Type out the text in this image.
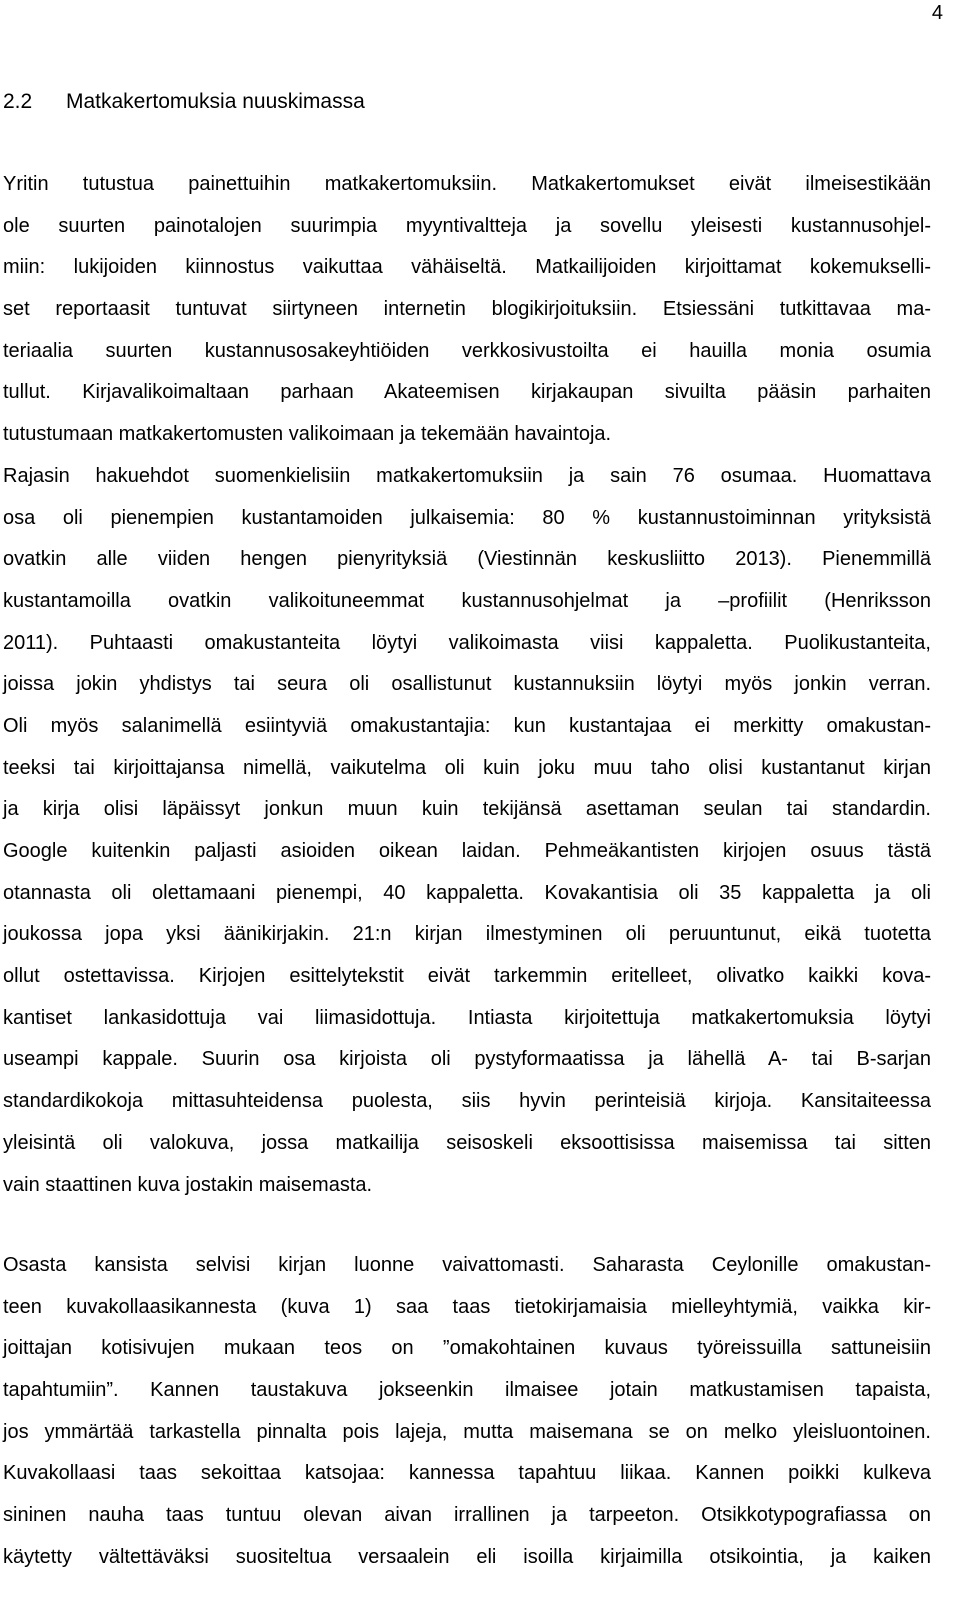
4
2.2 Matkakertomuksia nuuskimassa
Yritin tutustua painettuihin matkakertomuksiin. Matkakertomukset eivät ilmeisestikään
ole suurten painotalojen suurimpia myyntivaltteja ja sovellu yleisesti kustannusohjel-
miin: lukijoiden kiinnostus vaikuttaa vähäiseltä. Matkailijoiden kirjoittamat kokemukselli-
set reportaasit tuntuvat siirtyneen internetin blogikirjoituksiin. Etsiessäni tutkittavaa ma-
teriaalia suurten kustannusosakeyhtiöiden verkkosivustoilta ei hauilla monia osumia
tullut. Kirjavalikoimaltaan parhaan Akateemisen kirjakaupan sivuilta pääsin parhaiten
tutustumaan matkakertomusten valikoimaan ja tekemään havaintoja.
Rajasin hakuehdot suomenkielisiin matkakertomuksiin ja sain 76 osumaa. Huomattava
osa oli pienempien kustantamoiden julkaisemia: 80 % kustannustoiminnan yrityksistä
ovatkin alle viiden hengen pienyrityksiä (Viestinnän keskusliitto 2013). Pienemmillä
kustantamoilla ovatkin valikoituneemmat kustannusohjelmat ja –profiilit (Henriksson
2011). Puhtaasti omakustanteita löytyi valikoimasta viisi kappaletta. Puolikustanteita,
joissa jokin yhdistys tai seura oli osallistunut kustannuksiin löytyi myös jonkin verran.
Oli myös salanimellä esiintyviä omakustantajia: kun kustantajaa ei merkitty omakustan-
teeksi tai kirjoittajansa nimellä, vaikutelma oli kuin joku muu taho olisi kustantanut kirjan
ja kirja olisi läpäissyt jonkun muun kuin tekijänsä asettaman seulan tai standardin.
Google kuitenkin paljasti asioiden oikean laidan. Pehmeäkantisten kirjojen osuus tästä
otannasta oli olettamaani pienempi, 40 kappaletta. Kovakantisia oli 35 kappaletta ja oli
joukossa jopa yksi äänikirjakin. 21:n kirjan ilmestyminen oli peruuntunut, eikä tuotetta
ollut ostettavissa. Kirjojen esittelytekstit eivät tarkemmin eritelleet, olivatko kaikki kova-
kantiset lankasidottuja vai liimasidottuja. Intiasta kirjoitettuja matkakertomuksia löytyi
useampi kappale. Suurin osa kirjoista oli pystyformaatissa ja lähellä A- tai B-sarjan
standardikokoja mittasuhteidensa puolesta, siis hyvin perinteisiä kirjoja. Kansitaiteessa
yleisintä oli valokuva, jossa matkailija seisoskeli eksoottisissa maisemissa tai sitten
vain staattinen kuva jostakin maisemasta.
Osasta kansista selvisi kirjan luonne vaivattomasti. Saharasta Ceylonille omakustan-
teen kuvakollaasikannesta (kuva 1) saa taas tietokirjamaisia mielleyhtymiä, vaikka kir-
joittajan kotisivujen mukaan teos on ”omakohtainen kuvaus työreissuilla sattuneisiin
tapahtumiin”. Kannen taustakuva jokseenkin ilmaisee jotain matkustamisen tapaista,
jos ymmärtää tarkastella pinnalta pois lajeja, mutta maisemana se on melko yleisluontoinen.
Kuvakollaasi taas sekoittaa katsojaa: kannessa tapahtuu liikaa. Kannen poikki kulkeva
sininen nauha taas tuntuu olevan aivan irrallinen ja tarpeeton. Otsikkotypografiassa on
käytetty vältettäväksi suositeltua versaalein eli isoilla kirjaimilla otsikointia, ja kaiken
